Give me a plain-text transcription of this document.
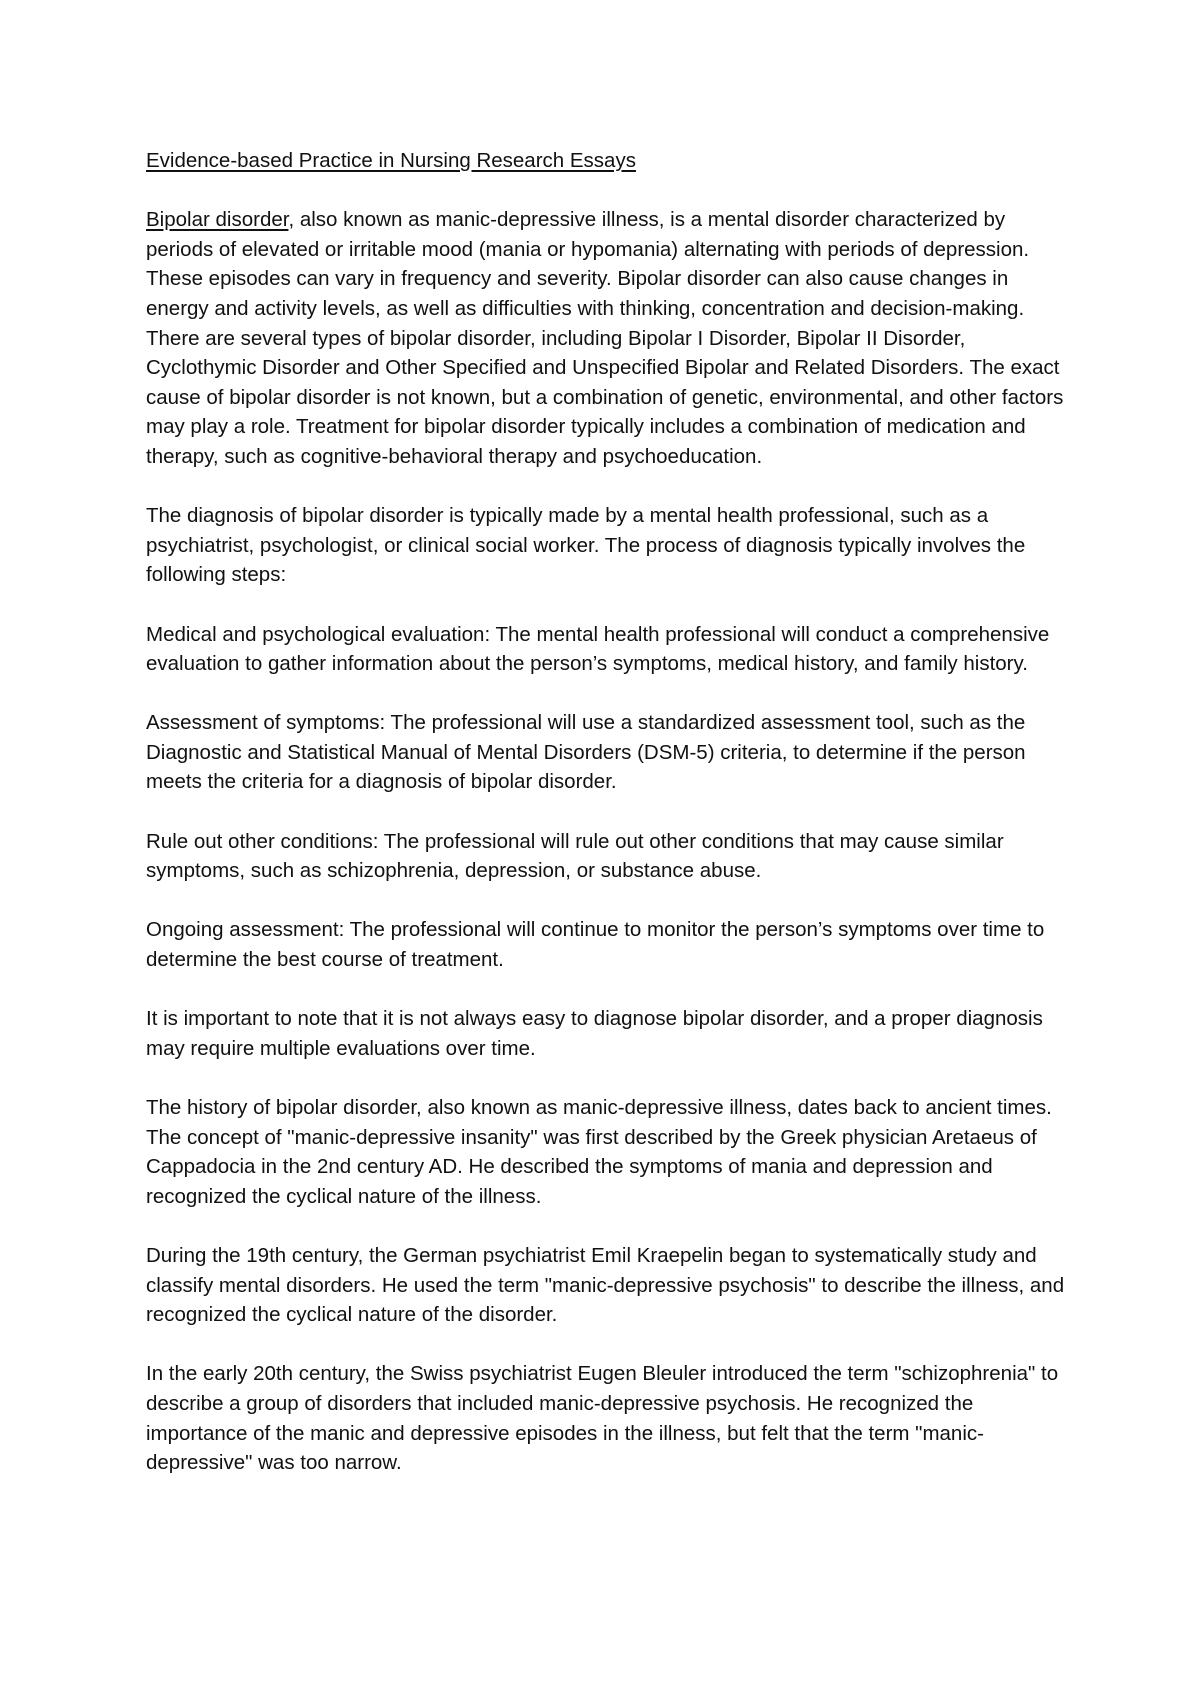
Evidence-based Practice in Nursing Research Essays

Bipolar disorder, also known as manic-depressive illness, is a mental disorder characterized by periods of elevated or irritable mood (mania or hypomania) alternating with periods of depression. These episodes can vary in frequency and severity. Bipolar disorder can also cause changes in energy and activity levels, as well as difficulties with thinking, concentration and decision-making. There are several types of bipolar disorder, including Bipolar I Disorder, Bipolar II Disorder, Cyclothymic Disorder and Other Specified and Unspecified Bipolar and Related Disorders. The exact cause of bipolar disorder is not known, but a combination of genetic, environmental, and other factors may play a role. Treatment for bipolar disorder typically includes a combination of medication and therapy, such as cognitive-behavioral therapy and psychoeducation.

The diagnosis of bipolar disorder is typically made by a mental health professional, such as a psychiatrist, psychologist, or clinical social worker. The process of diagnosis typically involves the following steps:

Medical and psychological evaluation: The mental health professional will conduct a comprehensive evaluation to gather information about the person’s symptoms, medical history, and family history.

Assessment of symptoms: The professional will use a standardized assessment tool, such as the Diagnostic and Statistical Manual of Mental Disorders (DSM-5) criteria, to determine if the person meets the criteria for a diagnosis of bipolar disorder.

Rule out other conditions: The professional will rule out other conditions that may cause similar symptoms, such as schizophrenia, depression, or substance abuse.

Ongoing assessment: The professional will continue to monitor the person’s symptoms over time to determine the best course of treatment.

It is important to note that it is not always easy to diagnose bipolar disorder, and a proper diagnosis may require multiple evaluations over time.

The history of bipolar disorder, also known as manic-depressive illness, dates back to ancient times. The concept of "manic-depressive insanity" was first described by the Greek physician Aretaeus of Cappadocia in the 2nd century AD. He described the symptoms of mania and depression and recognized the cyclical nature of the illness.

During the 19th century, the German psychiatrist Emil Kraepelin began to systematically study and classify mental disorders. He used the term "manic-depressive psychosis" to describe the illness, and recognized the cyclical nature of the disorder.

In the early 20th century, the Swiss psychiatrist Eugen Bleuler introduced the term "schizophrenia" to describe a group of disorders that included manic-depressive psychosis. He recognized the importance of the manic and depressive episodes in the illness, but felt that the term "manic-depressive" was too narrow.
